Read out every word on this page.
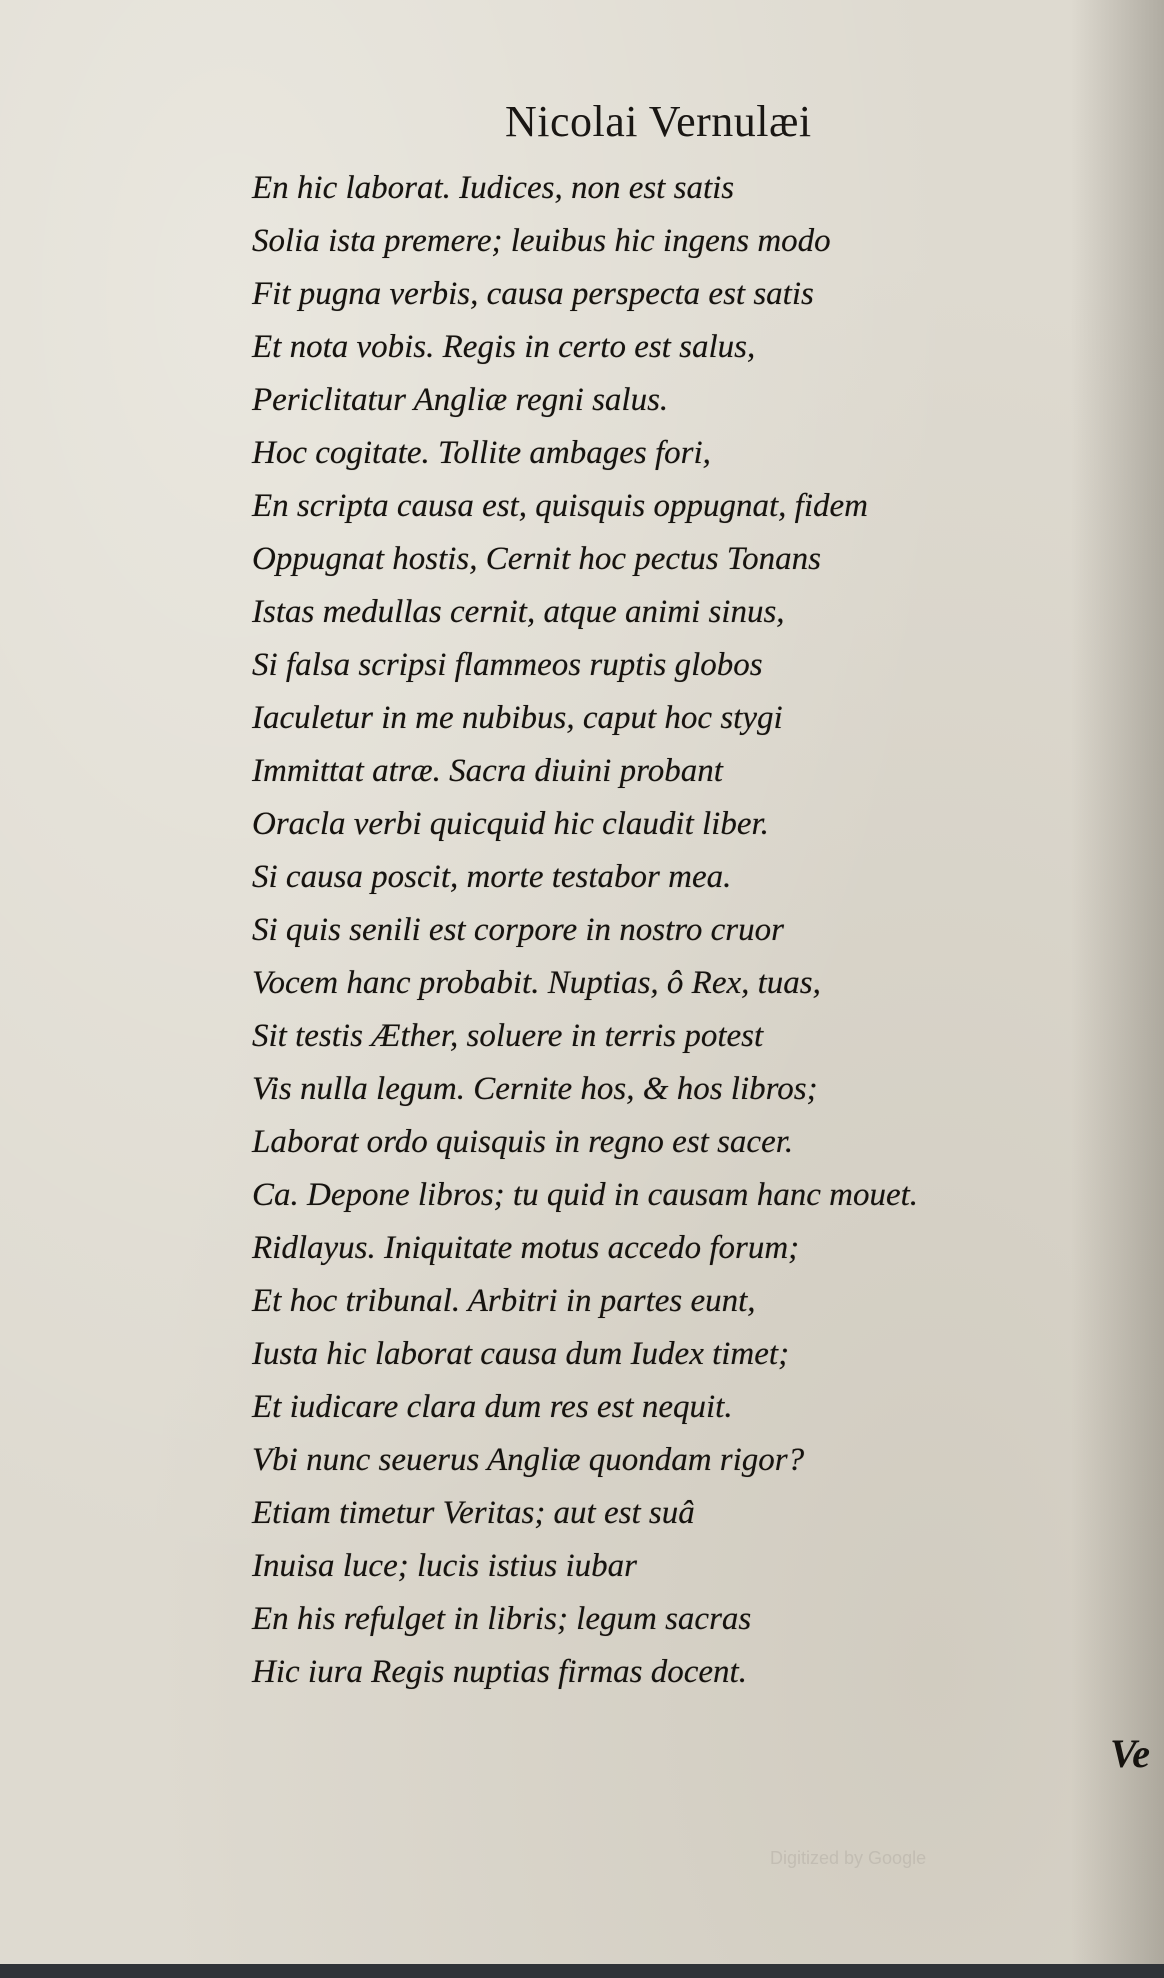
Nicolai Vernulæi
En hic laborat. Iudices, non est satis
Solia ista premere; leuibus hic ingens modo
Fit pugna verbis, causa perspecta est satis
Et nota vobis. Regis in certo est salus,
Periclitatur Angliæ regni salus.
Hoc cogitate. Tollite ambages fori,
En scripta causa est, quisquis oppugnat, fidem
Oppugnat hostis, Cernit hoc pectus Tonans
Istas medullas cernit, atque animi sinus,
Si falsa scripsi flammeos ruptis globos
Iaculetur in me nubibus, caput hoc stygi
Immittat atræ. Sacra diuini probant
Oracla verbi quicquid hic claudit liber.
Si causa poscit, morte testabor mea.
Si quis senili est corpore in nostro cruor
Vocem hanc probabit. Nuptias, ô Rex, tuas,
Sit testis Æther, soluere in terris potest
Vis nulla legum. Cernite hos, & hos libros;
Laborat ordo quisquis in regno est sacer.
Ca. Depone libros; tu quid in causam hanc mouet.
Ridlayus. Iniquitate motus accedo forum;
Et hoc tribunal. Arbitri in partes eunt,
Iusta hic laborat causa dum Iudex timet;
Et iudicare clara dum res est nequit.
Vbi nunc seuerus Angliæ quondam rigor?
Etiam timetur Veritas; aut est suâ
Inuisa luce; lucis istius iubar
En his refulget in libris; legum sacras
Hic iura Regis nuptias firmas docent.
Ve
Digitized by Google
